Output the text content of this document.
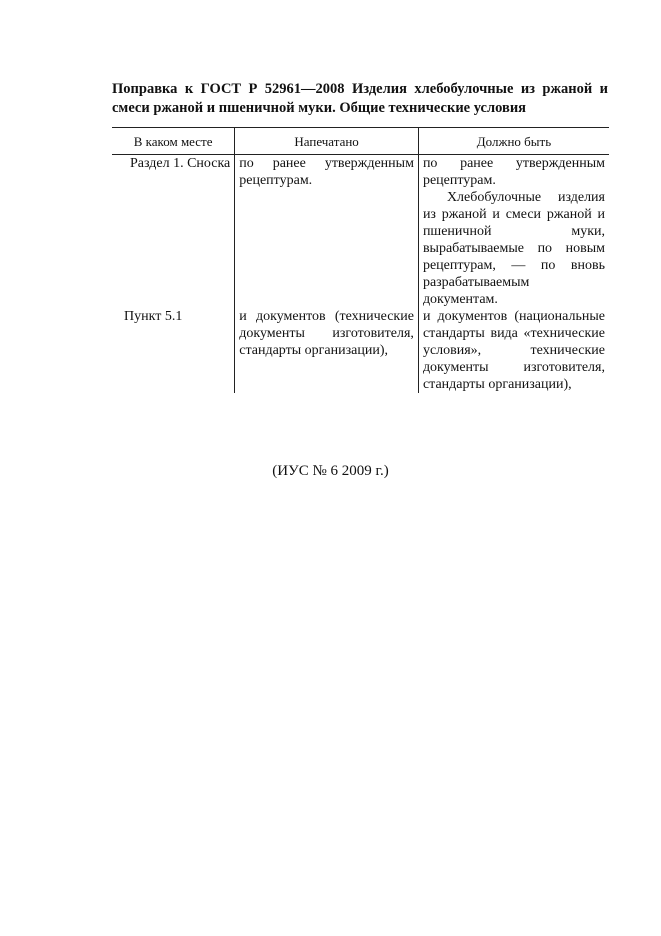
Поправка к ГОСТ Р 52961—2008 Изделия хлебобулочные из ржаной и
смеси ржаной и пшеничной муки. Общие технические условия
В каком месте	Напечатано	Должно быть
Раздел 1. Сноска	по ранее утвержденным рецептурам.	по ранее утвержденным рецептурам.
Хлебобулочные изделия из ржаной и смеси ржаной и пшеничной муки, вырабатываемые по новым рецептурам, — по вновь разрабатываемым документам.

Пункт 5.1	и документов (технические документы изготовителя, стандарты организации),	и документов (национальные стандарты вида «технические условия», технические документы изготовителя, стандарты организации),
(ИУС № 6 2009 г.)
